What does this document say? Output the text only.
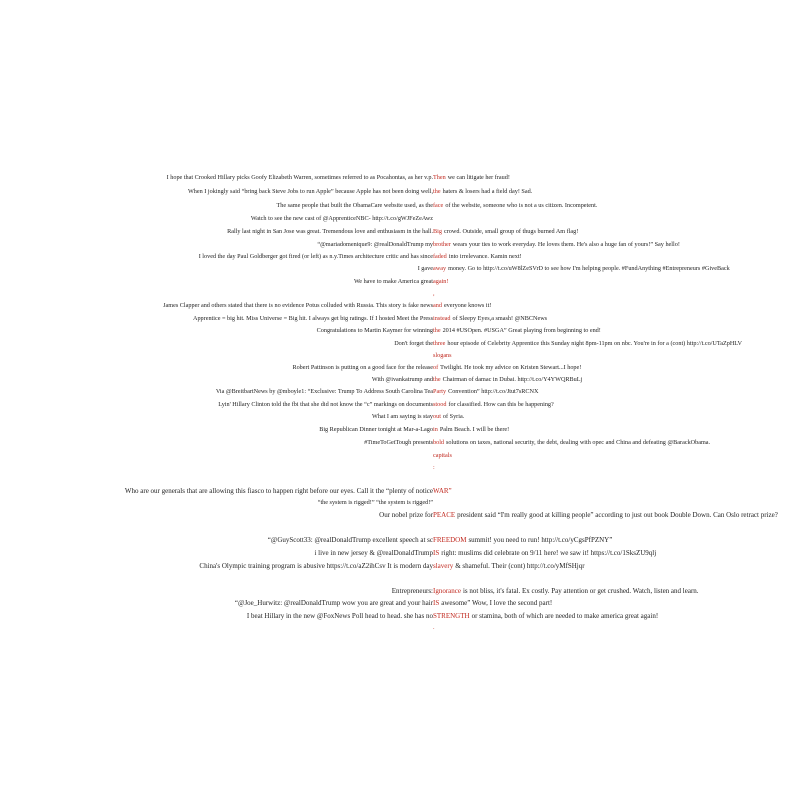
I hope that Crooked Hillary picks Goofy Elizabeth Warren, sometimes referred to as Pocahontas, as her v.p. Then we can litigate her fraud!
When I jokingly said “bring back Steve Jobs to run Apple” because Apple has not been doing well, the haters & losers had a field day! Sad.
The same people that built the ObamaCare website used, as the face of the website, someone who is not a us citizen. Incompetent.
Watch to see the new cast of @ApprenticeNBC- http://t.co/gWJFeZeAwz
Rally last night in San Jose was great. Tremendous love and enthusiasm in the hall. Big crowd. Outside, small group of thugs burned Am flag!
“@mariadomenique9: @realDonaldTrump my brother wears your ties to work everyday. He loves them. He's also a huge fan of yours!” Say hello!
I loved the day Paul Goldberger got fired (or left) as n.y.Times architecture critic and has since faded into irrelevance. Kamin next!
I gave away money. Go to http://t.co/uW8lZeSVrD to see how I'm helping people. #FundAnything #Entrepreneurs #GiveBack
We have to make America great again!
,
James Clapper and others stated that there is no evidence Potus colluded with Russia. This story is fake news and everyone knows it!
Apprentice = big hit. Miss Universe = Big hit. I always get big ratings. If I hosted Meet the Press instead of Sleepy Eyes,a smash! @NBCNews
Congratulations to Martin Kaymer for winning the 2014 #USOpen. #USGA” Great playing from beginning to end!
Don't forget the three hour episode of Celebrity Apprentice this Sunday night 8pm-11pm on nbc. You're in for a (cont) http://t.co/UTaZpHLV
slogans
Robert Pattinson is putting on a good face for the release of Twilight. He took my advice on Kristen Stewart...I hope!
With @ivankatrump and the Chairman of damac in Dubai. http://t.co/Y4YWQRBuLj
Via @BreitbartNews by @mboyle1: “Exclusive: Trump To Address South Carolina Tea Party Convention” http://t.co/Jtut7sRCNX
Lyin' Hillary Clinton told the fbi that she did not know the “c” markings on documents stood for classified. How can this be happening?
What I am saying is stay out of Syria.
Big Republican Dinner tonight at Mar-a-Lago in Palm Beach. I will be there!
#TimeToGetTough presents bold solutions on taxes, national security, the debt, dealing with opec and China and defeating @BarackObama.
capitals
:
Who are our generals that are allowing this fiasco to happen right before our eyes. Call it the “plenty of notice WAR”
“the system is rigged!” “the system is rigged!”
Our nobel prize for PEACE president said “I'm really good at killing people” according to just out book Double Down. Can Oslo retract prize?
“@GuyScott33: @realDonaldTrump excellent speech at sc FREEDOM summit! you need to run! http://t.co/yCgsPfPZNY”
i live in new jersey & @realDonaldTrump IS right: muslims did celebrate on 9/11 here! we saw it! https://t.co/1SksZU9qlj
China's Olympic training program is abusive https://t.co/aZ2ihCsv It is modern day slavery & shameful. Their (cont) http://t.co/yMfSHjqr
Entrepreneurs: Ignorance is not bliss, it's fatal. Ex costly. Pay attention or get crushed. Watch, listen and learn.
“@Joe_Hurwitz: @realDonaldTrump wow you are great and your hair IS awesome” Wow, I love the second part!
I beat Hillary in the new @FoxNews Poll head to head. she has no STRENGTH or stamina, both of which are needed to make america great again!
.
